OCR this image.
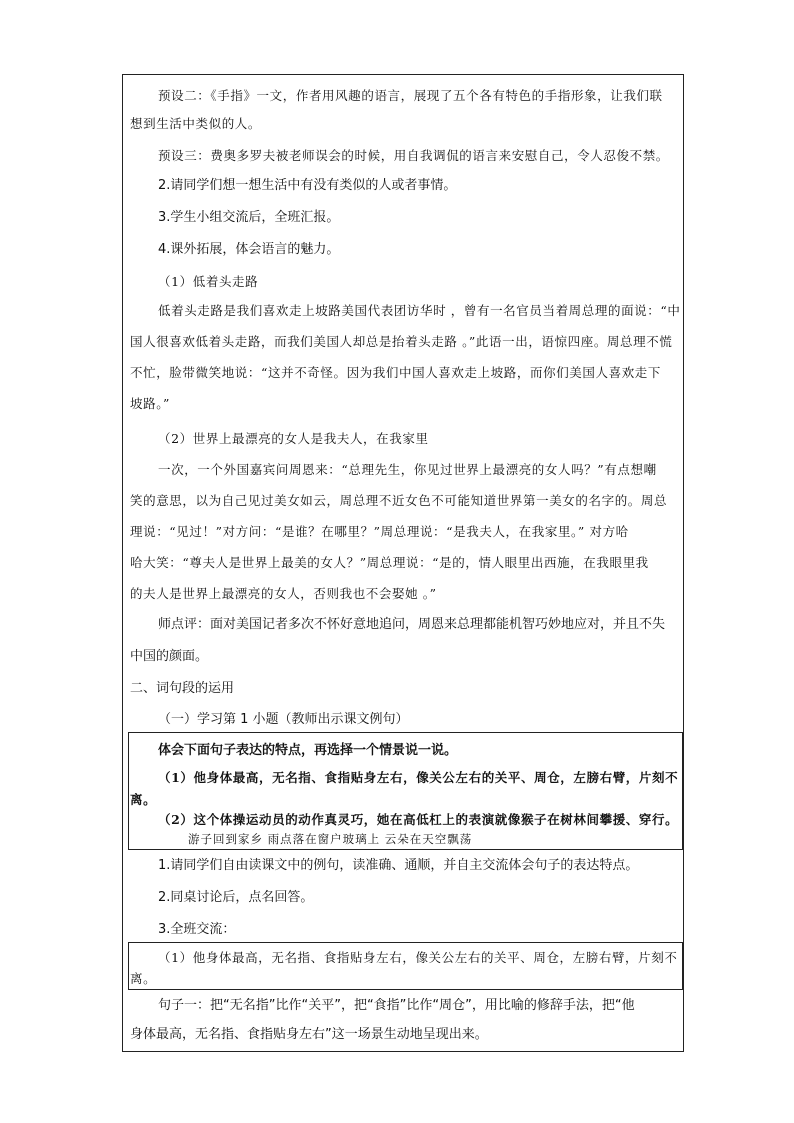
预设二：《手指》一文，作者用风趣的语言，展现了五个各有特色的手指形象，让我们联
想到生活中类似的人。
预设三：费奥多罗夫被老师误会的时候，用自我调侃的语言来安慰自己，令人忍俊不禁。
2.请同学们想一想生活中有没有类似的人或者事情。
3.学生小组交流后，全班汇报。
4.课外拓展，体会语言的魅力。
（1）低着头走路
低着头走路是我们喜欢走上坡路美国代表团访华时 ，曾有一名官员当着周总理的面说：“中
国人很喜欢低着头走路，而我们美国人却总是抬着头走路 。”此语一出，语惊四座。周总理不慌
不忙，脸带微笑地说：“这并不奇怪。因为我们中国人喜欢走上坡路，而你们美国人喜欢走下
坡路。”
（2）世界上最漂亮的女人是我夫人，在我家里
一次，一个外国嘉宾问周恩来：“总理先生，你见过世界上最漂亮的女人吗？”有点想嘲
笑的意思，以为自己见过美女如云，周总理不近女色不可能知道世界第一美女的名字的。周总
理说：“见过！”对方问：“是谁？在哪里？”周总理说：“是我夫人，在我家里。” 对方哈
哈大笑：“尊夫人是世界上最美的女人？”周总理说：“是的，情人眼里出西施，在我眼里我
的夫人是世界上最漂亮的女人，否则我也不会娶她 。”
师点评：面对美国记者多次不怀好意地追问，周恩来总理都能机智巧妙地应对，并且不失
中国的颜面。
二、词句段的运用
（一）学习第 1 小题（教师出示课文例句）
体会下面句子表达的特点，再选择一个情景说一说。
（1）他身体最高，无名指、食指贴身左右，像关公左右的关平、周仓，左膀右臂，片刻不
离。
（2）这个体操运动员的动作真灵巧，她在高低杠上的表演就像猴子在树林间攀援、穿行。
游子回到家乡 雨点落在窗户玻璃上 云朵在天空飘荡
1.请同学们自由读课文中的例句，读准确、通顺，并自主交流体会句子的表达特点。
2.同桌讨论后，点名回答。
3.全班交流：
（1）他身体最高，无名指、食指贴身左右，像关公左右的关平、周仓，左膀右臂，片刻不
离。
句子一：把“无名指”比作“关平”，把“食指”比作“周仓”，用比喻的修辞手法，把“他
身体最高，无名指、食指贴身左右”这一场景生动地呈现出来。
